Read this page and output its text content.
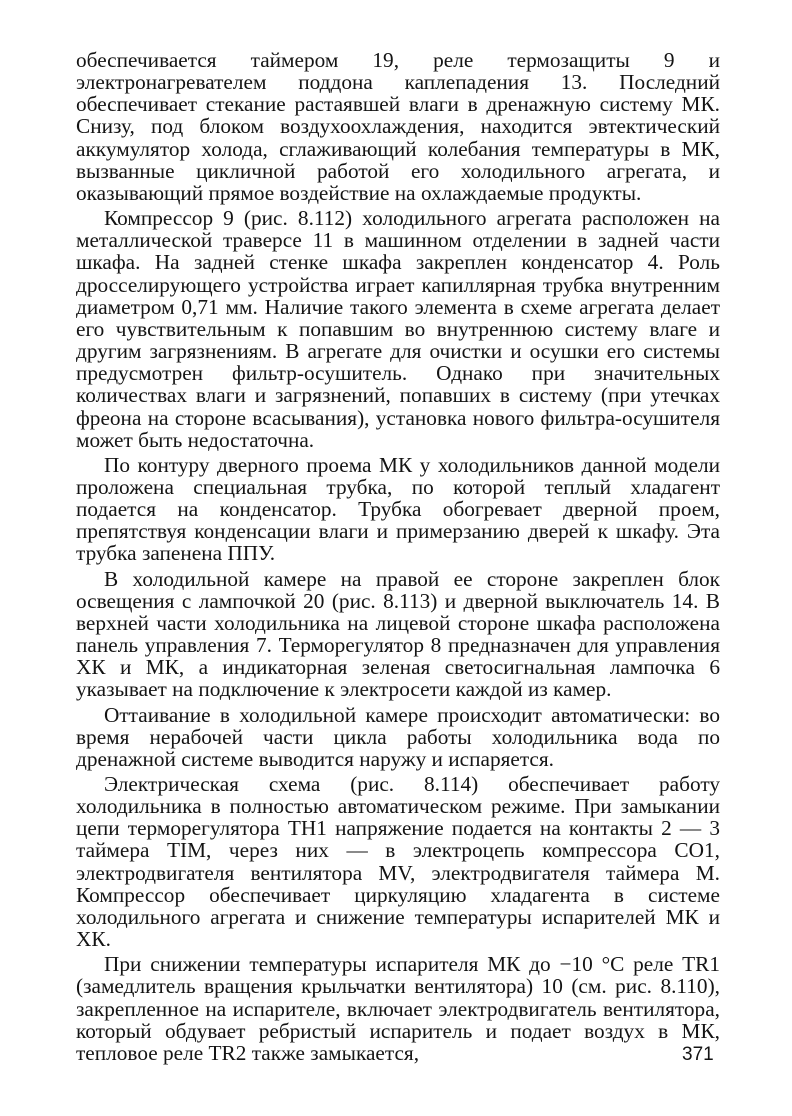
обеспечивается таймером 19, реле термозащиты 9 и электронагревателем поддона каплепадения 13. Последний обеспечивает стекание растаявшей влаги в дренажную систему МК. Снизу, под блоком воздухоохлаждения, находится эвтектический аккумулятор холода, сглаживающий колебания температуры в МК, вызванные цикличной работой его холодильного агрегата, и оказывающий прямое воздействие на охлаждаемые продукты.

Компрессор 9 (рис. 8.112) холодильного агрегата расположен на металлической траверсе 11 в машинном отделении в задней части шкафа. На задней стенке шкафа закреплен конденсатор 4. Роль дросселирующего устройства играет капиллярная трубка внутренним диаметром 0,71 мм. Наличие такого элемента в схеме агрегата делает его чувствительным к попавшим во внутреннюю систему влаге и другим загрязнениям. В агрегате для очистки и осушки его системы предусмотрен фильтр-осушитель. Однако при значительных количествах влаги и загрязнений, попавших в систему (при утечках фреона на стороне всасывания), установка нового фильтра-осушителя может быть недостаточна.

По контуру дверного проема МК у холодильников данной модели проложена специальная трубка, по которой теплый хладагент подается на конденсатор. Трубка обогревает дверной проем, препятствуя конденсации влаги и примерзанию дверей к шкафу. Эта трубка запенена ППУ.

В холодильной камере на правой ее стороне закреплен блок освещения с лампочкой 20 (рис. 8.113) и дверной выключатель 14. В верхней части холодильника на лицевой стороне шкафа расположена панель управления 7. Терморегулятор 8 предназначен для управления ХК и МК, а индикаторная зеленая светосигнальная лампочка 6 указывает на подключение к электросети каждой из камер.

Оттаивание в холодильной камере происходит автоматически: во время нерабочей части цикла работы холодильника вода по дренажной системе выводится наружу и испаряется.

Электрическая схема (рис. 8.114) обеспечивает работу холодильника в полностью автоматическом режиме. При замыкании цепи терморегулятора TH1 напряжение подается на контакты 2 — 3 таймера TIM, через них — в электроцепь компрессора CO1, электродвигателя вентилятора MV, электродвигателя таймера M. Компрессор обеспечивает циркуляцию хладагента в системе холодильного агрегата и снижение температуры испарителей МК и ХК.

При снижении температуры испарителя МК до −10 °С реле TR1 (замедлитель вращения крыльчатки вентилятора) 10 (см. рис. 8.110), закрепленное на испарителе, включает электродвигатель вентилятора, который обдувает ребристый испаритель и подает воздух в МК, тепловое реле TR2 также замыкается,	371
